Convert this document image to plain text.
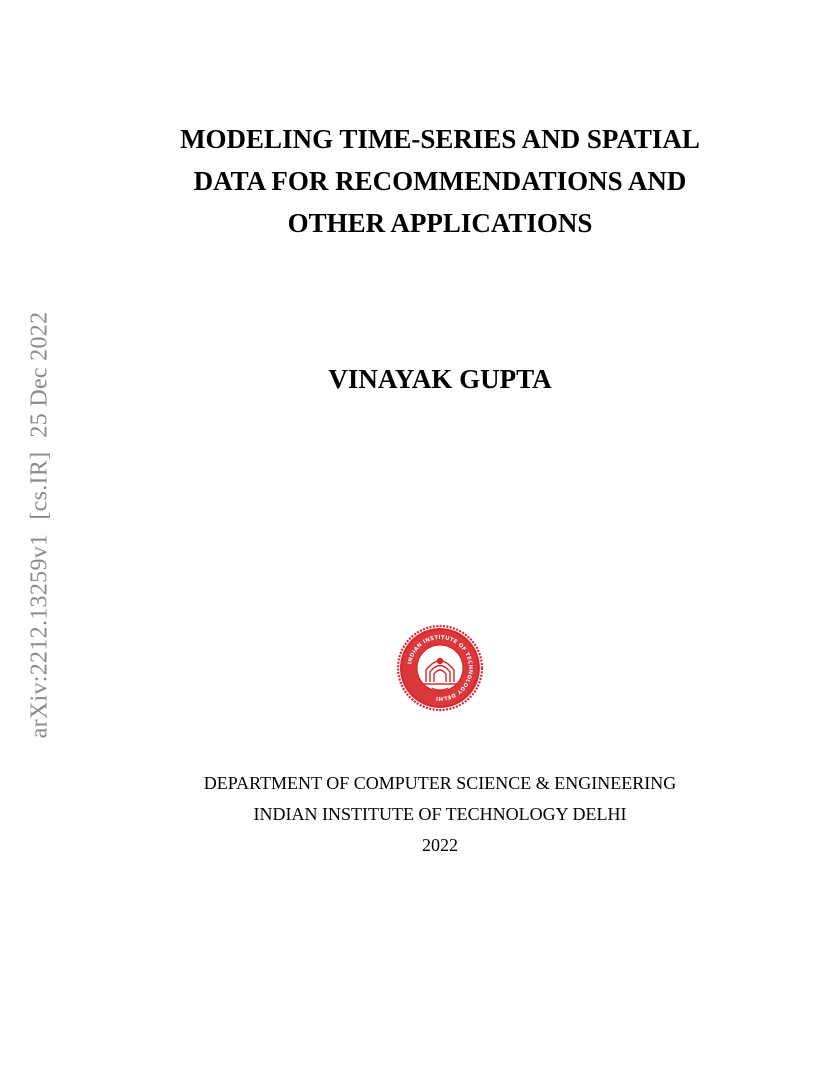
MODELING TIME-SERIES AND SPATIAL
DATA FOR RECOMMENDATIONS AND
OTHER APPLICATIONS
VINAYAK GUPTA
arXiv:2212.13259v1[cs.IR]25 Dec 2022
INDIAN INSTITUTE OF TECHNOLOGY DELHI
DEPARTMENT OF COMPUTER SCIENCE & ENGINEERING
INDIAN INSTITUTE OF TECHNOLOGY DELHI
2022
